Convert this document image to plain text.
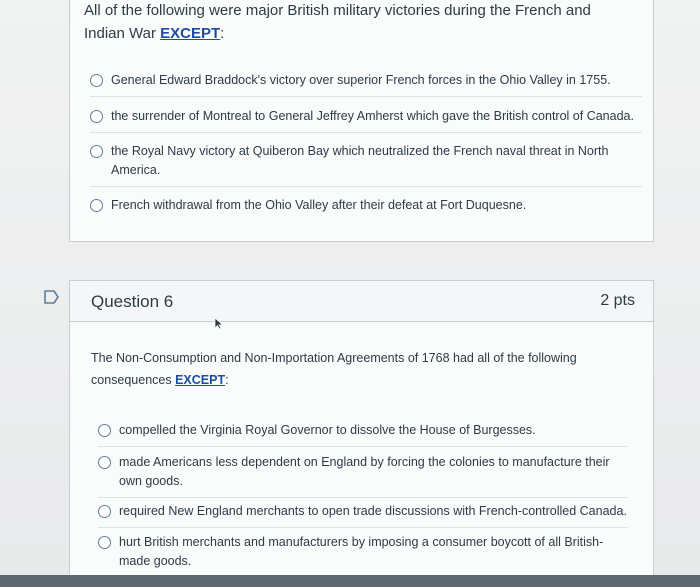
All of the following were major British military victories during the French and Indian War EXCEPT:
General Edward Braddock's victory over superior French forces in the Ohio Valley in 1755.
the surrender of Montreal to General Jeffrey Amherst which gave the British control of Canada.
the Royal Navy victory at Quiberon Bay which neutralized the French naval threat in North America.
French withdrawal from the Ohio Valley after their defeat at Fort Duquesne.
Question 6	2 pts
The Non-Consumption and Non-Importation Agreements of 1768 had all of the following consequences EXCEPT:
compelled the Virginia Royal Governor to dissolve the House of Burgesses.
made Americans less dependent on England by forcing the colonies to manufacture their own goods.
required New England merchants to open trade discussions with French-controlled Canada.
hurt British merchants and manufacturers by imposing a consumer boycott of all British-made goods.
